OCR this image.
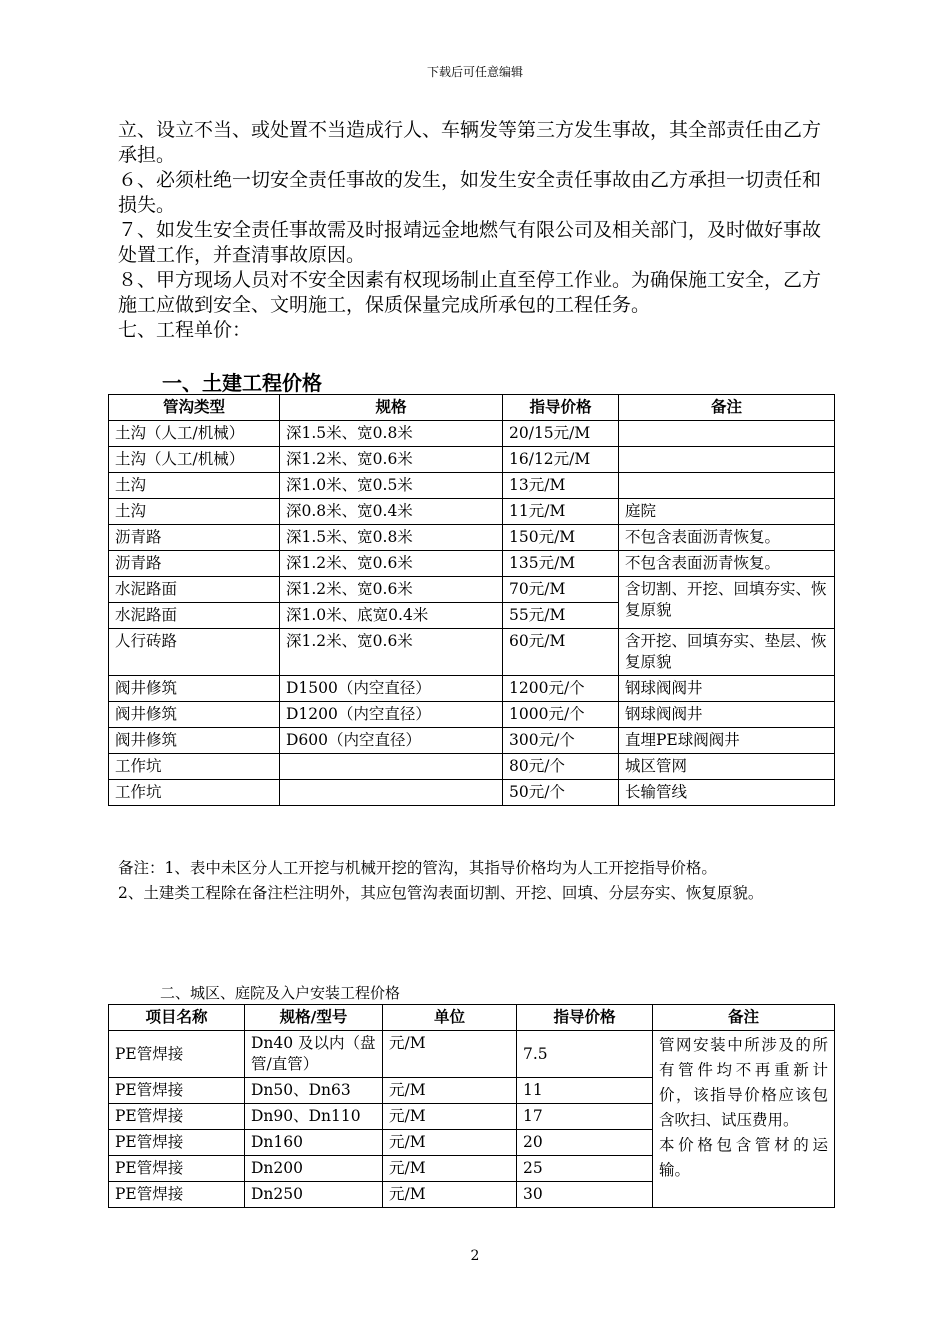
下载后可任意编辑

立、设立不当、或处置不当造成行人、车辆发等第三方发生事故，其全部责任由乙方承担。

６、必须杜绝一切安全责任事故的发生，如发生安全责任事故由乙方承担一切责任和损失。

７、如发生安全责任事故需及时报靖远金地燃气有限公司及相关部门，及时做好事故处置工作，并查清事故原因。

８、甲方现场人员对不安全因素有权现场制止直至停工作业。为确保施工安全，乙方施工应做到安全、文明施工，保质保量完成所承包的工程任务。

七、工程单价：

一、土建工程价格
管沟类型	规格	指导价格	备注
土沟（人工/机械）	深1.5米、宽0.8米	20/15元/M	
土沟（人工/机械）	深1.2米、宽0.6米	16/12元/M	
土沟	深1.0米、宽0.5米	13元/M	
土沟	深0.8米、宽0.4米	11元/M	庭院
沥青路	深1.5米、宽0.8米	150元/M	不包含表面沥青恢复。
沥青路	深1.2米、宽0.6米	135元/M	不包含表面沥青恢复。
水泥路面	深1.2米、宽0.6米	70元/M	含切割、开挖、回填夯实、恢复原貌
水泥路面	深1.0米、底宽0.4米	55元/M	
人行砖路	深1.2米、宽0.6米	60元/M	含开挖、回填夯实、垫层、恢复原貌
阀井修筑	D1500（内空直径）	1200元/个	钢球阀阀井
阀井修筑	D1200（内空直径）	1000元/个	钢球阀阀井
阀井修筑	D600（内空直径）	300元/个	直埋PE球阀阀井
工作坑		80元/个	城区管网
工作坑		50元/个	长输管线

备注：1、表中未区分人工开挖与机械开挖的管沟，其指导价格均为人工开挖指导价格。

2、土建类工程除在备注栏注明外，其应包管沟表面切割、开挖、回填、分层夯实、恢复原貌。

二、城区、庭院及入户安装工程价格
项目名称	规格/型号	单位	指导价格	备注
PE管焊接	Dn40 及以内（盘管/直管）	元/M	7.5	管网安装中所涉及的所有管件均不再重新计价，该指导价格应该包含吹扫、试压费用。
本价格包含管材的运输。

PE管焊接	Dn50、Dn63	元/M	11	
PE管焊接	Dn90、Dn110	元/M	17	
PE管焊接	Dn160	元/M	20	
PE管焊接	Dn200	元/M	25	
PE管焊接	Dn250	元/M	30	
2
